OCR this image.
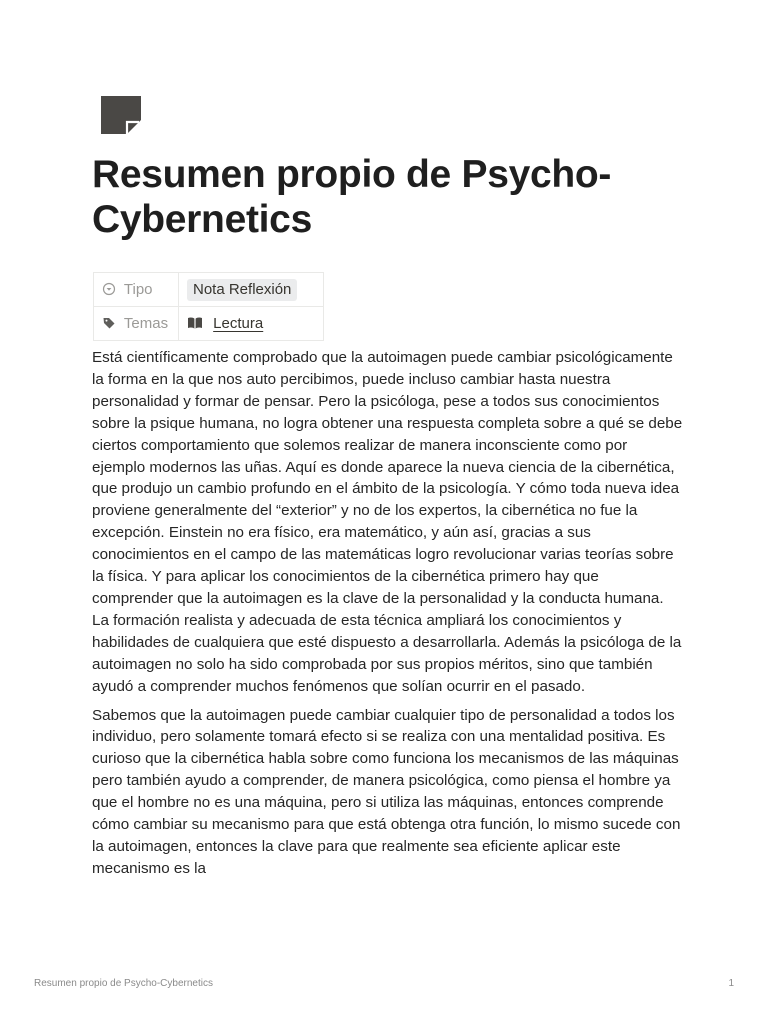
Resumen propio de Psycho-Cybernetics
Tipo	Nota Reflexión
Temas	Lectura

Está científicamente comprobado que la autoimagen puede cambiar psicológicamente la forma en la que nos auto percibimos, puede incluso cambiar hasta nuestra personalidad y formar de pensar. Pero la psicóloga, pese a todos sus conocimientos sobre la psique humana, no logra obtener una respuesta completa sobre a qué se debe ciertos comportamiento que solemos realizar de manera inconsciente como por ejemplo modernos las uñas. Aquí es donde aparece la nueva ciencia de la cibernética, que produjo un cambio profundo en el ámbito de la psicología. Y cómo toda nueva idea proviene generalmente del “exterior” y no de los expertos, la cibernética no fue la excepción. Einstein no era físico, era matemático, y aún así, gracias a sus conocimientos en el campo de las matemáticas logro revolucionar varias teorías sobre la física. Y para aplicar los conocimientos de la cibernética primero hay que comprender que la autoimagen es la clave de la personalidad y la conducta humana. La formación realista y adecuada de esta técnica ampliará los conocimientos y habilidades de cualquiera que esté dispuesto a desarrollarla. Además la psicóloga de la autoimagen no solo ha sido comprobada por sus propios méritos, sino que también ayudó a comprender muchos fenómenos que solían ocurrir en el pasado.

Sabemos que la autoimagen puede cambiar cualquier tipo de personalidad a todos los individuo, pero solamente tomará efecto si se realiza con una mentalidad positiva. Es curioso que la cibernética habla sobre como funciona los mecanismos de las máquinas pero también ayudo a comprender, de manera psicológica, como piensa el hombre ya que el hombre no es una máquina, pero si utiliza las máquinas, entonces comprende cómo cambiar su mecanismo para que está obtenga otra función, lo mismo sucede con la autoimagen, entonces la clave para que realmente sea eficiente aplicar este mecanismo es la

Resumen propio de Psycho-Cybernetics	1
